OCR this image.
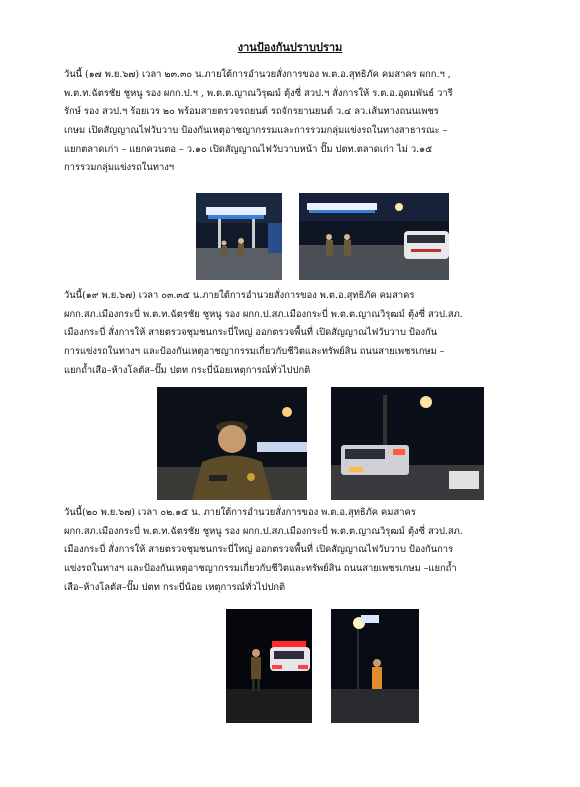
งานป้องกันปราบปราม
วันนี้ (๑๗ พ.ย.๖๗) เวลา ๒๓.๓๐ น.ภายใต้การอำนวยสั่งการของ พ.ต.อ.สุทธิภัค คมสาคร ผกก.ฯ ,
พ.ต.ท.ฉัตรชัย ชูหนู รอง ผกก.ป.ฯ , พ.ต.ต.ญาณวิรุฒม์ ตุ้งซี่ สวป.ฯ สั่งการให้ ร.ต.อ.อุดมพันธ์ วารี
รักษ์ รอง สวป.ฯ ร้อยเวร ๒๐ พร้อมสายตรวจรถยนต์ รถจักรยานยนต์ ว.๔ ลว.เส้นทางถนนเพชร
เกษม เปิดสัญญาณไฟวับวาบ ป้องกันเหตุอาชญากรรมและการรวมกลุ่มแข่งรถในทางสาธารณะ –
แยกตลาดเก่า – แยกควนตอ – ว.๑๐ เปิดสัญญาณไฟวับวาบหน้า ปั๊ม ปตท.ตลาดเก่า ไม่ ว.๑๕
การรวมกลุ่มแข่งรถในทางฯ
วันนี้(๑๙ พ.ย.๖๗) เวลา ๐๓.๓๕ น.ภายใต้การอำนวยสั่งการของ พ.ต.อ.สุทธิภัค คมสาคร
ผกก.สภ.เมืองกระบี่ พ.ต.ท.ฉัตรชัย ชูหนู รอง ผกก.ป.สภ.เมืองกระบี่ พ.ต.ต.ญาณวิรุฒม์ ตุ้งซี่ สวป.สภ.
เมืองกระบี่ สั่งการให้ สายตรวจชุมชนกระบี่ใหญ่ ออกตรวจพื้นที่ เปิดสัญญาณไฟวับวาบ ป้องกัน
การแข่งรถในทางฯ และป้องกันเหตุอาชญากรรมเกี่ยวกับชีวิตและทรัพย์สิน ถนนสายเพชรเกษม –
แยกถ้ำเสือ–ห้างโลตัส–ปั๊ม ปตท กระบี่น้อยเหตุการณ์ทั่วไปปกติ
วันนี้(๒๐ พ.ย.๖๗) เวลา ๐๒.๑๕ น. ภายใต้การอำนวยสั่งการของ พ.ต.อ.สุทธิภัค คมสาคร
ผกก.สภ.เมืองกระบี่ พ.ต.ท.ฉัตรชัย ชูหนู รอง ผกก.ป.สภ.เมืองกระบี่ พ.ต.ต.ญาณวิรุฒม์ ตุ้งซี่ สวป.สภ.
เมืองกระบี่ สั่งการให้ สายตรวจชุมชนกระบี่ใหญ่ ออกตรวจพื้นที่ เปิดสัญญาณไฟวับวาบ ป้องกันการ
แข่งรถในทางฯ และป้องกันเหตุอาชญากรรมเกี่ยวกับชีวิตและทรัพย์สิน ถนนสายเพชรเกษม –แยกถ้ำ
เสือ–ห้างโลตัส–ปั๊ม ปตท กระบี่น้อย เหตุการณ์ทั่วไปปกติ
